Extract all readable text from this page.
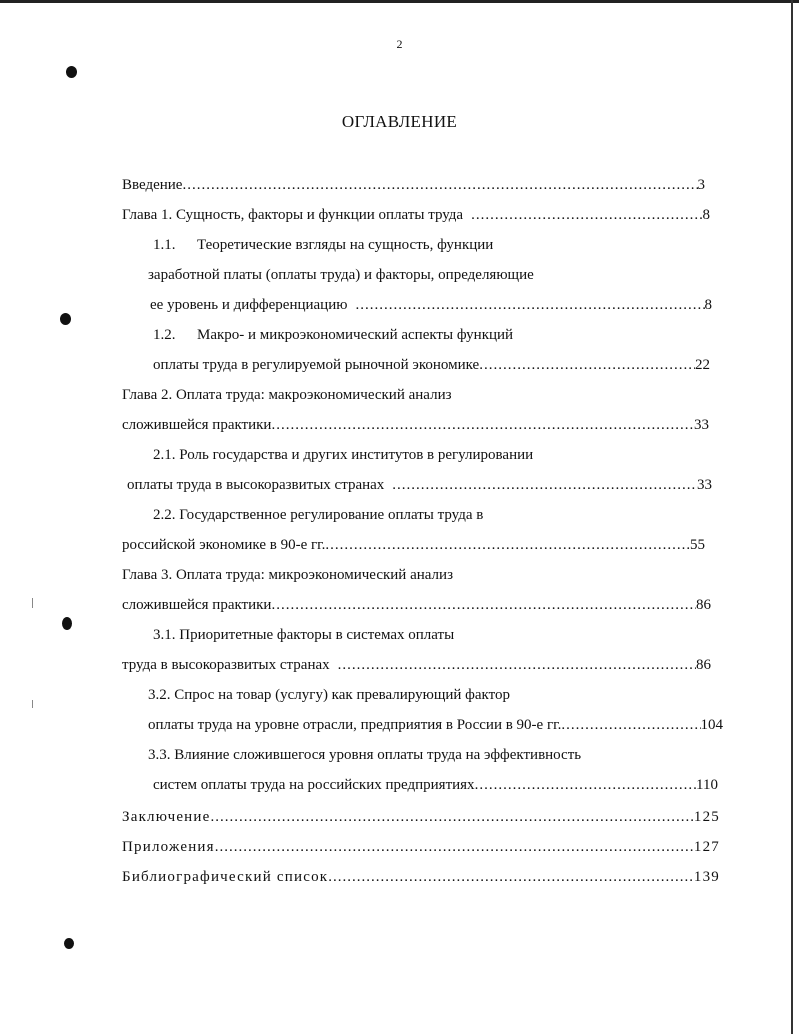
2
ОГЛАВЛЕНИЕ
Введение .....	3
Глава 1. Сущность, факторы и функции оплаты труда .....	8
1.1. Теоретические взгляды на сущность, функции
заработной платы (оплаты труда) и факторы, определяющие
ее уровень и дифференциацию .....	8
1.2. Макро- и микроэкономический аспекты функций
оплаты труда в регулируемой рыночной экономике .....	22
Глава 2. Оплата труда: макроэкономический анализ
сложившейся практики .....	33
2.1. Роль государства и других институтов в регулировании
оплаты труда в высокоразвитых странах .....	33
2.2. Государственное регулирование оплаты труда в
российской экономике в 90-е гг. .....	55
Глава 3. Оплата труда: микроэкономический анализ
сложившейся практики .....	86
3.1. Приоритетные факторы в системах оплаты
труда в высокоразвитых странах .....	86
3.2. Спрос на товар (услугу) как превалирующий фактор
оплаты труда на уровне отрасли, предприятия в России в 90-е гг. .....	104
3.3. Влияние сложившегося уровня оплаты труда на эффективность
систем оплаты труда на российских предприятиях .....	110
Заключение .....	125
Приложения .....	127
Библиографический список .....	139
